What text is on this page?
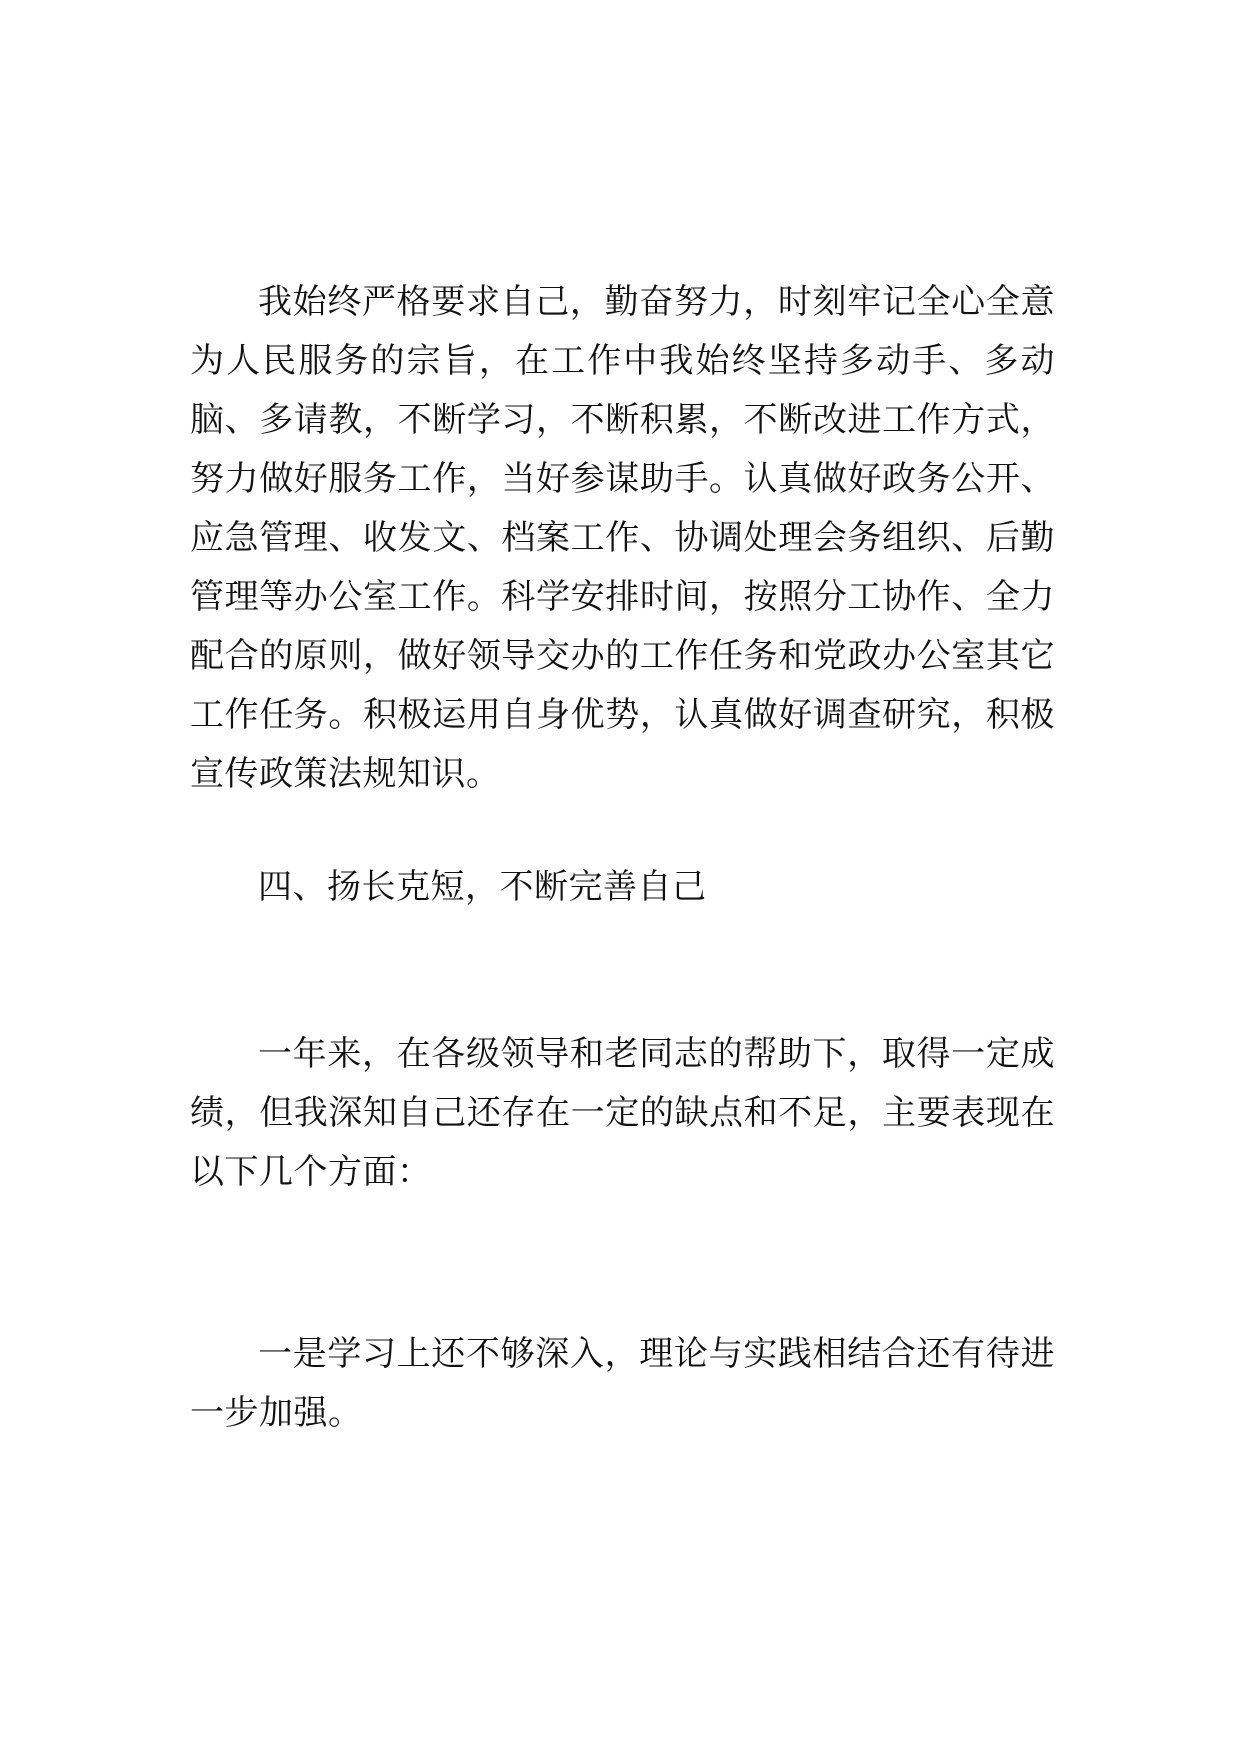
我始终严格要求自己，勤奋努力，时刻牢记全心全意为人民服务的宗旨，在工作中我始终坚持多动手、多动脑、多请教，不断学习，不断积累，不断改进工作方式，努力做好服务工作，当好参谋助手。认真做好政务公开、应急管理、收发文、档案工作、协调处理会务组织、后勤管理等办公室工作。科学安排时间，按照分工协作、全力配合的原则，做好领导交办的工作任务和党政办公室其它工作任务。积极运用自身优势，认真做好调查研究，积极宣传政策法规知识。

四、扬长克短，不断完善自己

一年来，在各级领导和老同志的帮助下，取得一定成绩，但我深知自己还存在一定的缺点和不足，主要表现在以下几个方面：

一是学习上还不够深入，理论与实践相结合还有待进一步加强。
